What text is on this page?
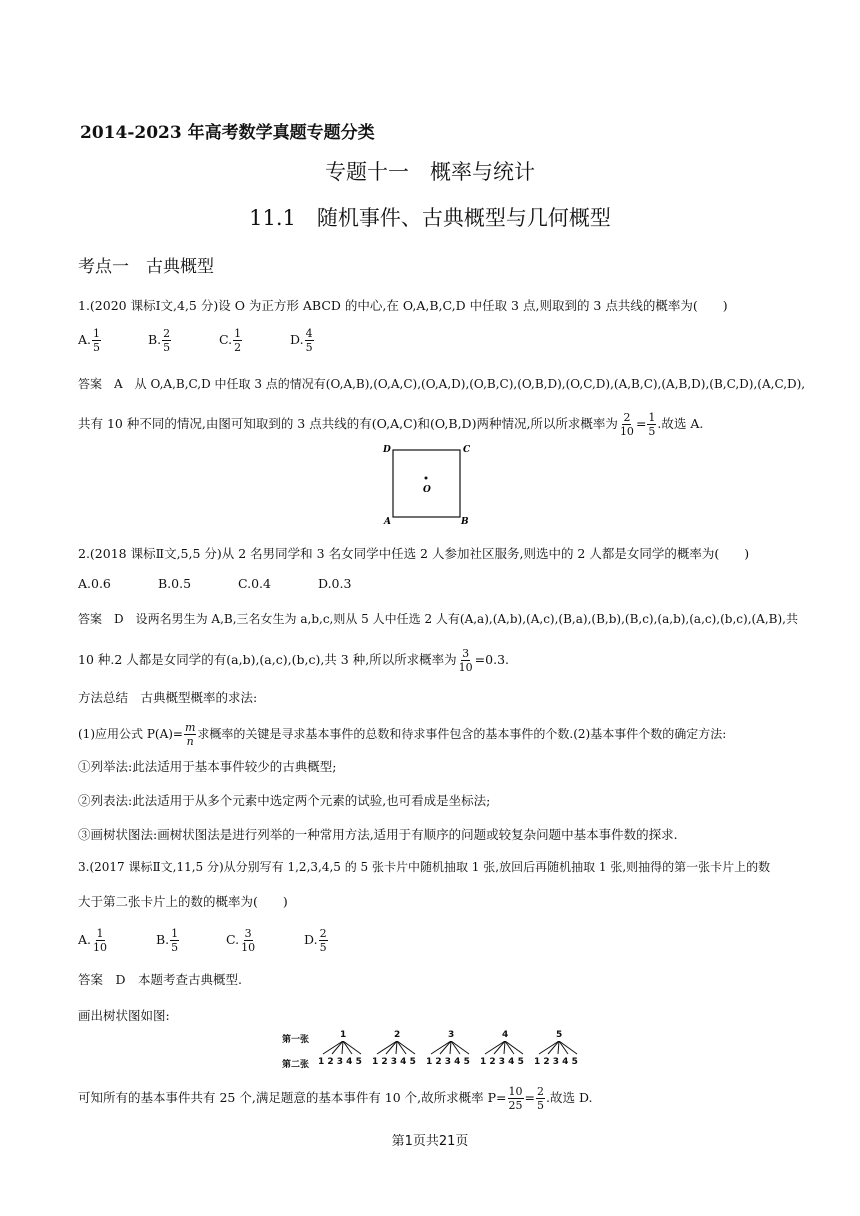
2014-2023 年高考数学真题专题分类
专题十一　概率与统计
11.1　随机事件、古典概型与几何概型
考点一　古典概型
1.(2020 课标Ⅰ文,4,5 分)设 O 为正方形 ABCD 的中心,在 O,A,B,C,D 中任取 3 点,则取到的 3 点共线的概率为(　　)
A. $\frac{1}{5}$	B. $\frac{2}{5}$	C. $\frac{1}{2}$	D. $\frac{4}{5}$
答案　A　从 O,A,B,C,D 中任取 3 点的情况有(O,A,B),(O,A,C),(O,A,D),(O,B,C),(O,B,D),(O,C,D),(A,B,C),(A,B,D),(B,C,D),(A,C,D),
共有 10 种不同的情况,由图可知取到的 3 点共线的有(O,A,C)和(O,B,D)两种情况,所以所求概率为 $\frac{2}{10} = \frac{1}{5}$ .故选 A.
D	C
O
A	B
2.(2018 课标Ⅱ文,5,5 分)从 2 名男同学和 3 名女同学中任选 2 人参加社区服务,则选中的 2 人都是女同学的概率为(　　)
A.0.6	B.0.5	C.0.4	D.0.3
答案　D　设两名男生为 A,B,三名女生为 a,b,c,则从 5 人中任选 2 人有(A,a),(A,b),(A,c),(B,a),(B,b),(B,c),(a,b),(a,c),(b,c),(A,B),共
10 种.2 人都是女同学的有(a,b),(a,c),(b,c),共 3 种,所以所求概率为 $\frac{3}{10} =0.3$.
方法总结　古典概型概率的求法:
(1)应用公式 $P(A)= \frac{m}{n}$ 求概率的关键是寻求基本事件的总数和待求事件包含的基本事件的个数.(2)基本事件个数的确定方法:
①列举法:此法适用于基本事件较少的古典概型;
②列表法:此法适用于从多个元素中选定两个元素的试验,也可看成是坐标法;
③画树状图法:画树状图法是进行列举的一种常用方法,适用于有顺序的问题或较复杂问题中基本事件数的探求.
3.(2017 课标Ⅱ文,11,5 分)从分别写有 1,2,3,4,5 的 5 张卡片中随机抽取 1 张,放回后再随机抽取 1 张,则抽得的第一张卡片上的数
大于第二张卡片上的数的概率为(　　)
A. $\frac{1}{10}$	B. $\frac{1}{5}$	C. $\frac{3}{10}$	D. $\frac{2}{5}$
答案　D　本题考查古典概型.
画出树状图如图:
第一张
第二张
1
1 2 3 4 5
2
1 2 3 4 5
3
1 2 3 4 5
4
1 2 3 4 5
5
1 2 3 4 5
可知所有的基本事件共有 25 个,满足题意的基本事件有 10 个,故所求概率 $P= \frac{10}{25} = \frac{2}{5}$ .故选 D.
第1页共21页
